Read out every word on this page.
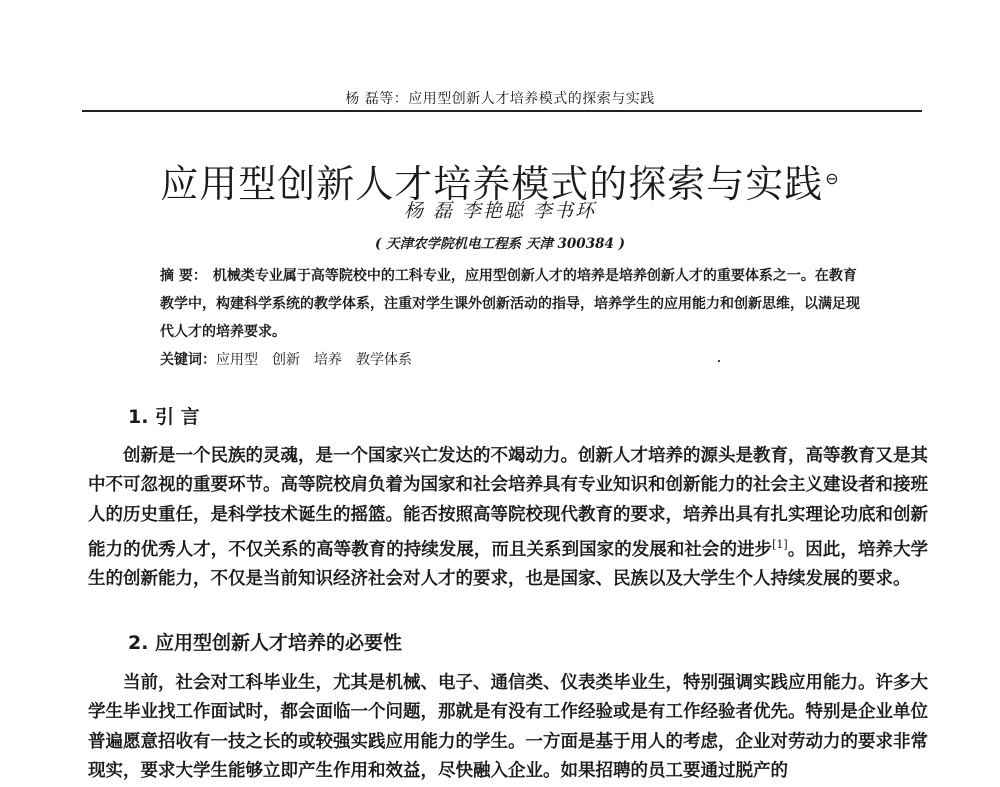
杨 磊等：应用型创新人才培养模式的探索与实践
应用型创新人才培养模式的探索与实践 ⊖
杨 磊 李艳聪 李书环
( 天津农学院机电工程系 天津 300384 )
摘 要： 机械类专业属于高等院校中的工科专业，应用型创新人才的培养是培养创新人才的重要体系之一。在教育教学中，构建科学系统的教学体系，注重对学生课外创新活动的指导，培养学生的应用能力和创新思维，以满足现代人才的培养要求。
关键词：应用型 创新 培养 教学体系
1. 引 言

创新是一个民族的灵魂，是一个国家兴亡发达的不竭动力。创新人才培养的源头是教育，高等教育又是其中不可忽视的重要环节。高等院校肩负着为国家和社会培养具有专业知识和创新能力的社会主义建设者和接班人的历史重任，是科学技术诞生的摇篮。能否按照高等院校现代教育的要求，培养出具有扎实理论功底和创新能力的优秀人才，不仅关系的高等教育的持续发展，而且关系到国家的发展和社会的进步[1]。因此，培养大学生的创新能力，不仅是当前知识经济社会对人才的要求，也是国家、民族以及大学生个人持续发展的要求。

2. 应用型创新人才培养的必要性

当前，社会对工科毕业生，尤其是机械、电子、通信类、仪表类毕业生，特别强调实践应用能力。许多大学生毕业找工作面试时，都会面临一个问题，那就是有没有工作经验或是有工作经验者优先。特别是企业单位普遍愿意招收有一技之长的或较强实践应用能力的学生。一方面是基于用人的考虑，企业对劳动力的要求非常现实，要求大学生能够立即产生作用和效益，尽快融入企业。如果招聘的员工要通过脱产的
